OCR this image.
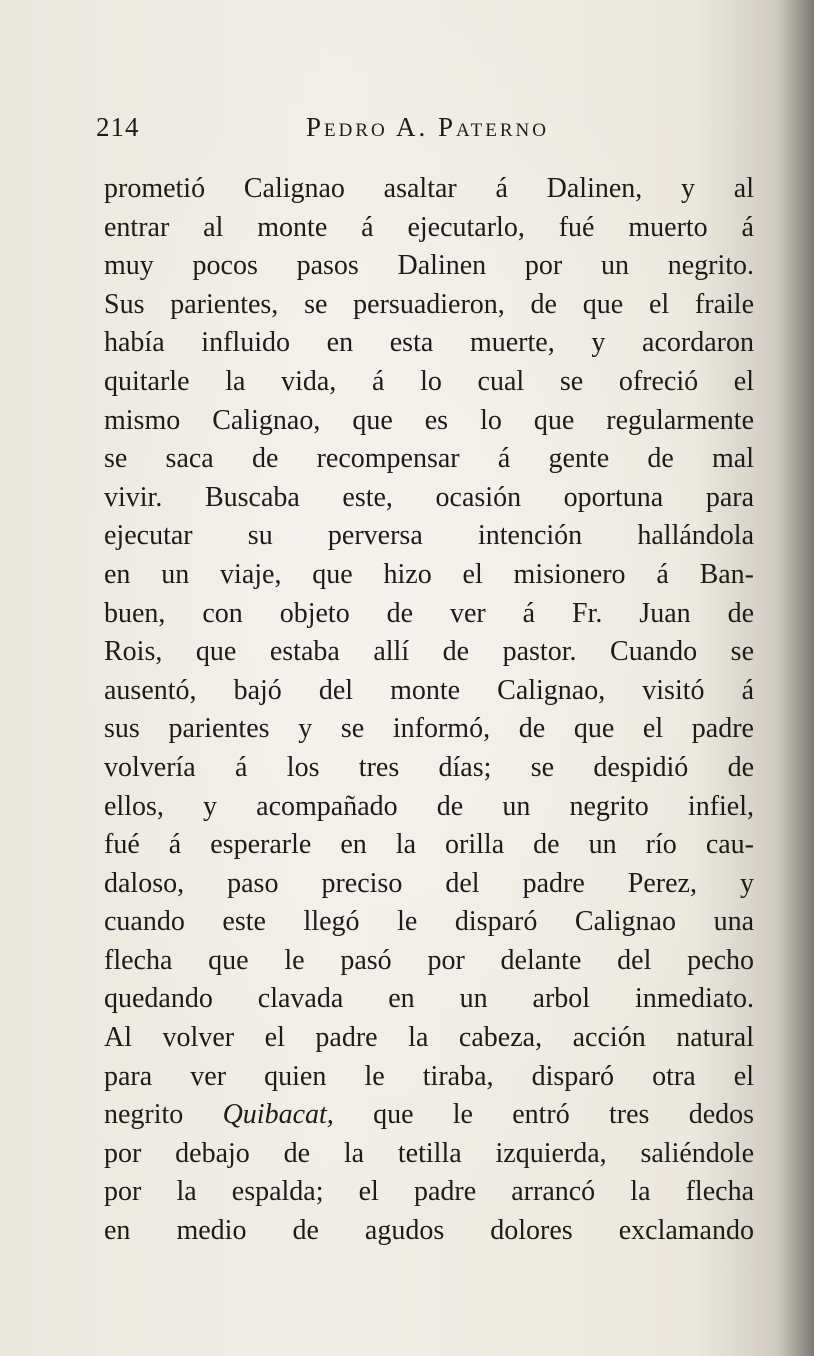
214	Pedro A. Paterno
prometió Calignao asaltar á Dalinen, y al
entrar al monte á ejecutarlo, fué muerto á
muy pocos pasos Dalinen por un negrito.
Sus parientes, se persuadieron, de que el fraile
había influido en esta muerte, y acordaron
quitarle la vida, á lo cual se ofreció el
mismo Calignao, que es lo que regularmente
se saca de recompensar á gente de mal
vivir. Buscaba este, ocasión oportuna para
ejecutar su perversa intención hallándola
en un viaje, que hizo el misionero á Ban-
buen, con objeto de ver á Fr. Juan de
Rois, que estaba allí de pastor. Cuando se
ausentó, bajó del monte Calignao, visitó á
sus parientes y se informó, de que el padre
volvería á los tres días; se despidió de
ellos, y acompañado de un negrito infiel,
fué á esperarle en la orilla de un río cau-
daloso, paso preciso del padre Perez, y
cuando este llegó le disparó Calignao una
flecha que le pasó por delante del pecho
quedando clavada en un arbol inmediato.
Al volver el padre la cabeza, acción natural
para ver quien le tiraba, disparó otra el
negrito Quibacat, que le entró tres dedos
por debajo de la tetilla izquierda, saliéndole
por la espalda; el padre arrancó la flecha
en medio de agudos dolores exclamando
